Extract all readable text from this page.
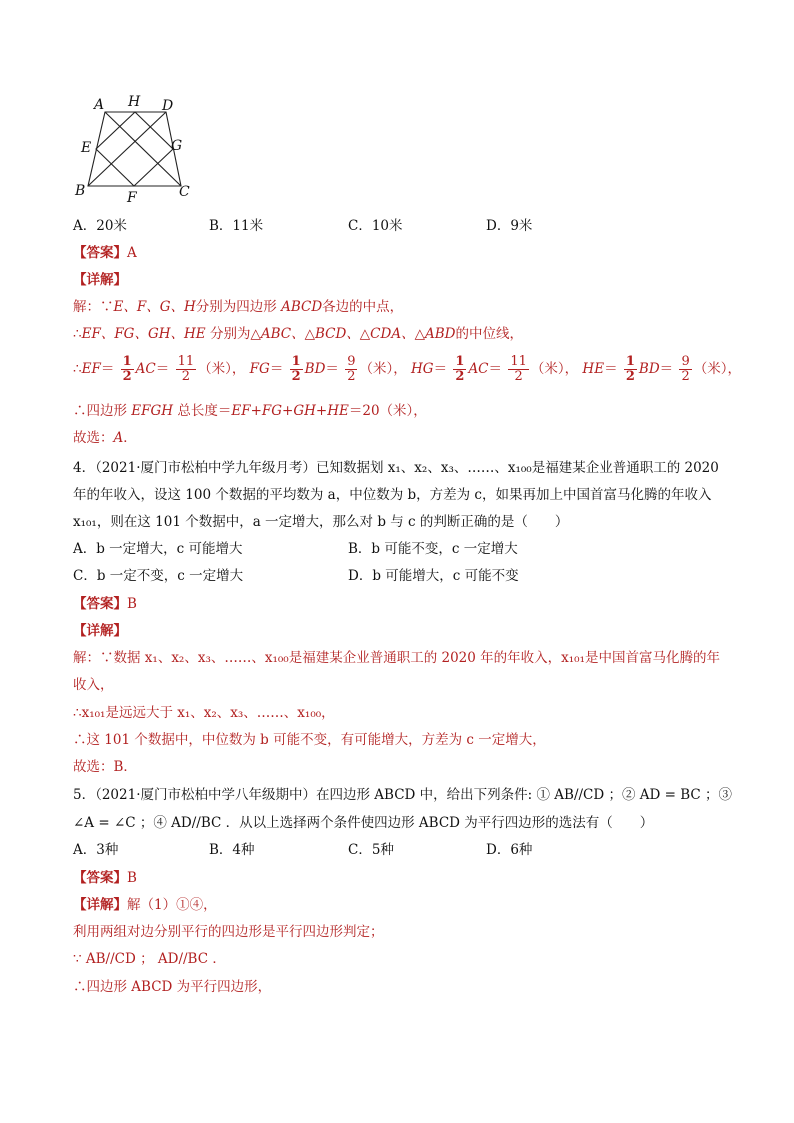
A H D
E	G
B	F	C
A．20米	B．11米	C．10米	D．9米
【答案】A
【详解】
解：∵E、F、G、H分别为四边形 ABCD各边的中点，
∴EF、FG、GH、HE 分别为△ABC、△BCD、△CDA、△ABD的中位线，
∴EF＝ $\frac{1}{2} AC= \frac{11}{2}$ （米）， $FG= \frac{1}{2} BD= \frac{9}{2}$ （米）， $HG= \frac{1}{2} AC= \frac{11}{2}$ （米）， $HE= \frac{1}{2} BD= \frac{9}{2}$ （米），
∴四边形 EFGH 总长度＝EF+FG+GH+HE＝20（米），
故选：A．
4．（2021·厦门市松柏中学九年级月考）已知数据划 x₁、x₂、x₃、……、x₁₀₀是福建某企业普通职工的 2020
年的年收入，设这 100 个数据的平均数为 a，中位数为 b，方差为 c，如果再加上中国首富马化腾的年收入
x₁₀₁，则在这 101 个数据中，a 一定增大，那么对 b 与 c 的判断正确的是（　　）
A．b 一定增大，c 可能增大	B．b 可能不变，c 一定增大
C．b 一定不变，c 一定增大	D．b 可能增大，c 可能不变
【答案】B
【详解】
解：∵数据 x₁、x₂、x₃、……、x₁₀₀是福建某企业普通职工的 2020 年的年收入，x₁₀₁是中国首富马化腾的年
收入，
∴x₁₀₁是远远大于 x₁、x₂、x₃、……、x₁₀₀，
∴这 101 个数据中，中位数为 b 可能不变，有可能增大，方差为 c 一定增大，
故选：B．
5．（2021·厦门市松柏中学八年级期中）在四边形 ABCD 中，给出下列条件: ① AB//CD ；② AD = BC ；③
∠A = ∠C ；④ AD//BC ．从以上选择两个条件使四边形 ABCD 为平行四边形的选法有（　　）
A．3种	B．4种	C．5种	D．6种
【答案】B
【详解】解（1）①④，
利用两组对边分别平行的四边形是平行四边形判定；
∵ AB//CD ； AD//BC ．
∴四边形 ABCD 为平行四边形，
